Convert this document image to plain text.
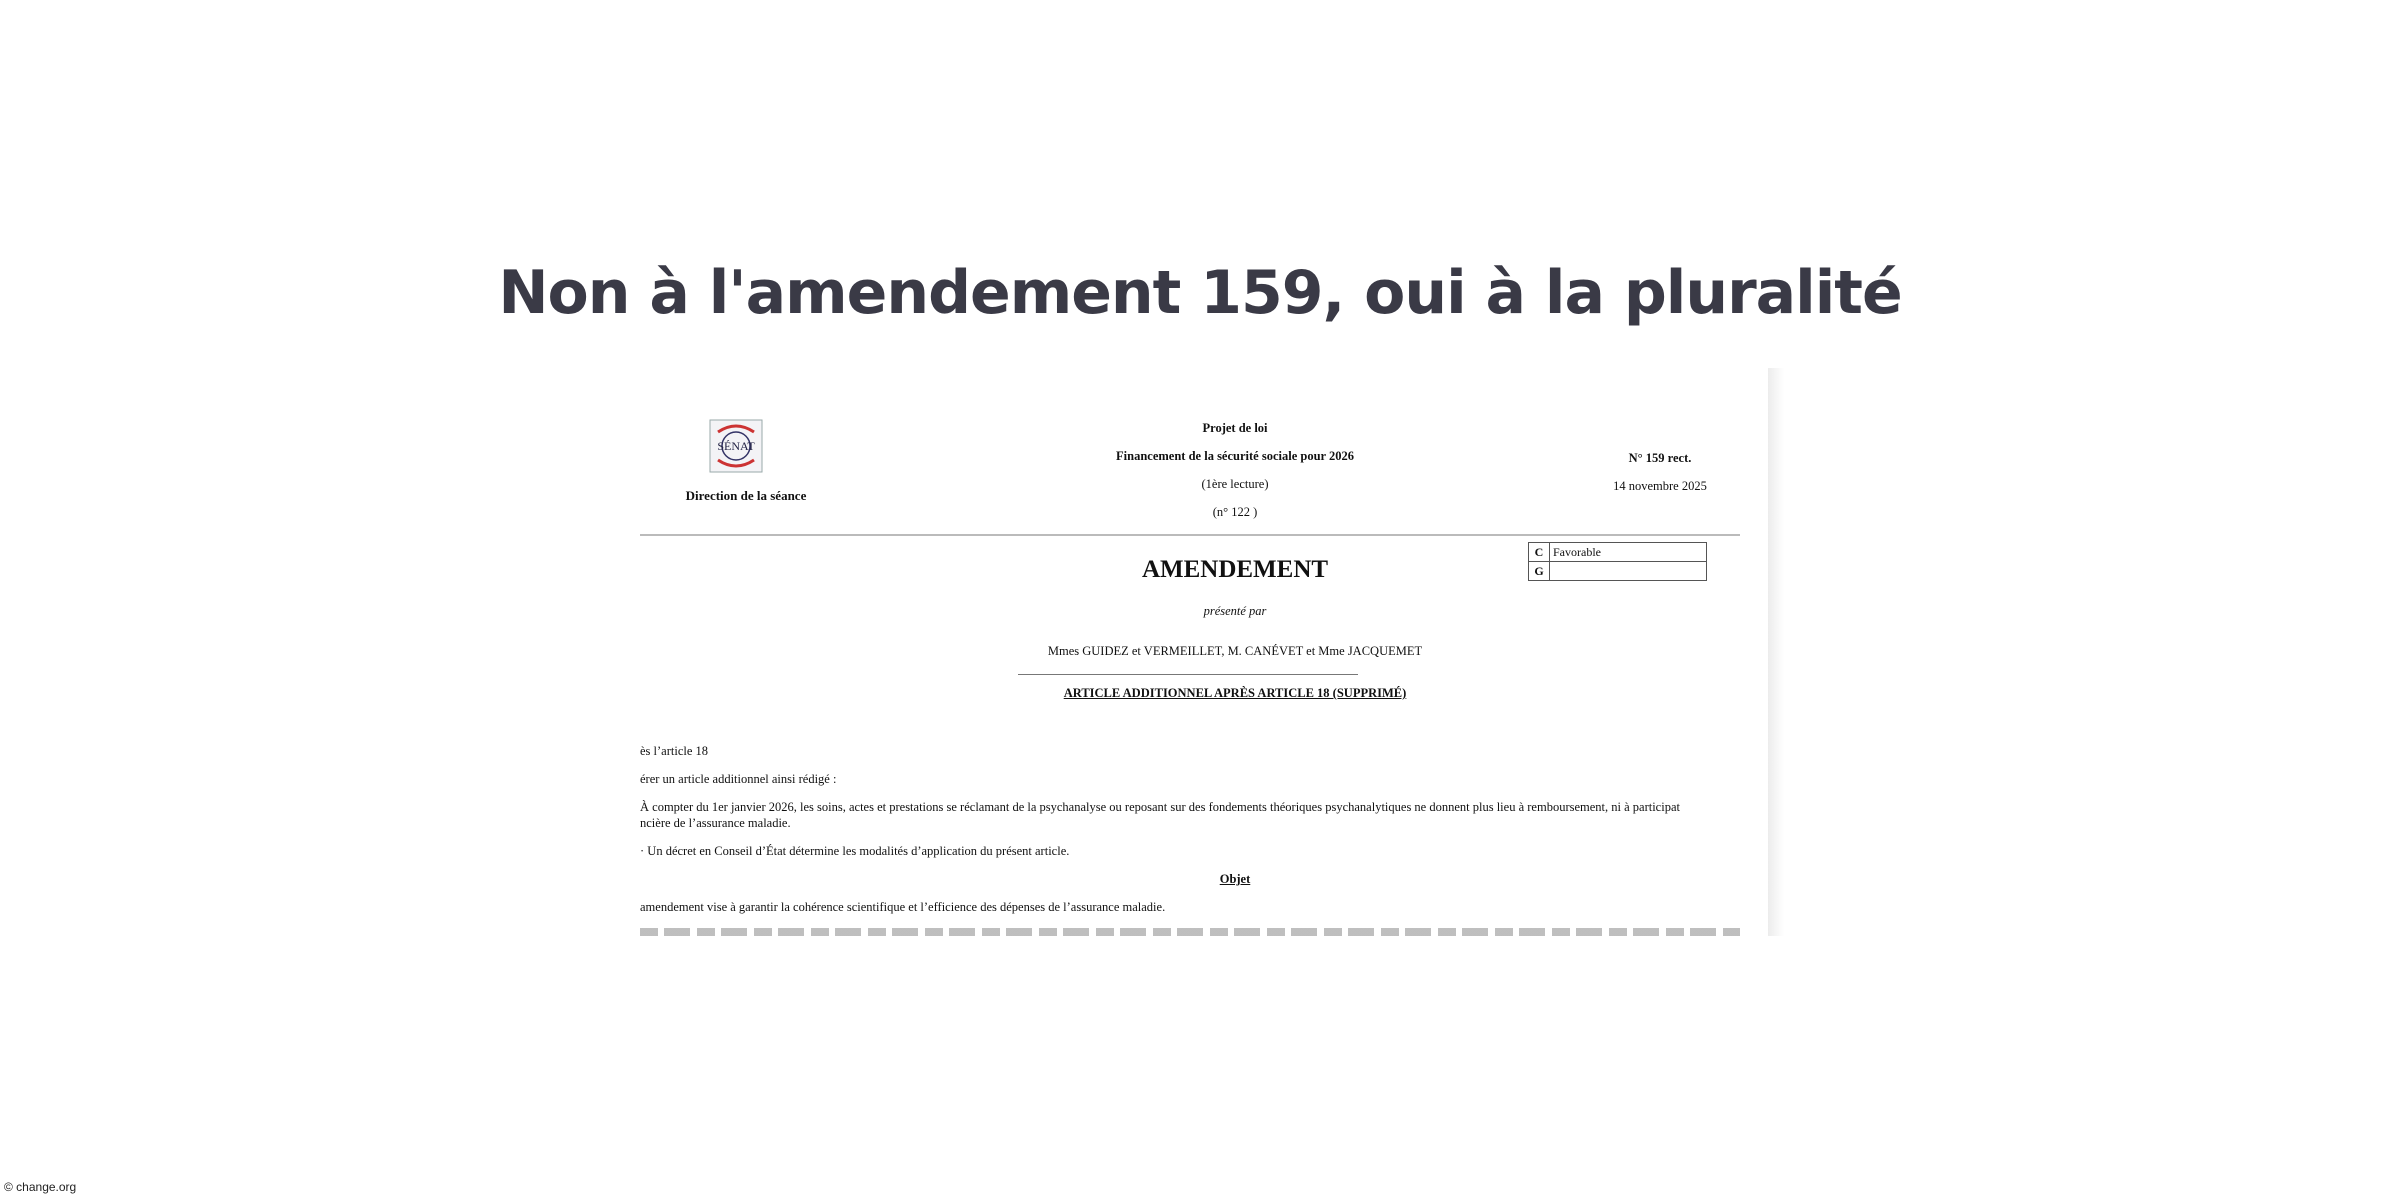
Non à l'amendement 159, oui à la pluralité
SÉNAT
Direction de la séance
Projet de loi
Financement de la sécurité sociale pour 2026
(1ère lecture)
(n° 122 )
N° 159 rect.
14 novembre 2025
C	Favorable
G	
AMENDEMENT
présenté par
Mmes GUIDEZ et VERMEILLET, M. CANÉVET et Mme JACQUEMET
ARTICLE ADDITIONNEL APRÈS ARTICLE 18 (SUPPRIMÉ)
ès l’article 18
érer un article additionnel ainsi rédigé :
À compter du 1er janvier 2026, les soins, actes et prestations se réclamant de la psychanalyse ou reposant sur des fondements théoriques psychanalytiques ne donnent plus lieu à remboursement, ni à participat
ncière de l’assurance maladie.
· Un décret en Conseil d’État détermine les modalités d’application du présent article.
Objet
amendement vise à garantir la cohérence scientifique et l’efficience des dépenses de l’assurance maladie.
© change.org
